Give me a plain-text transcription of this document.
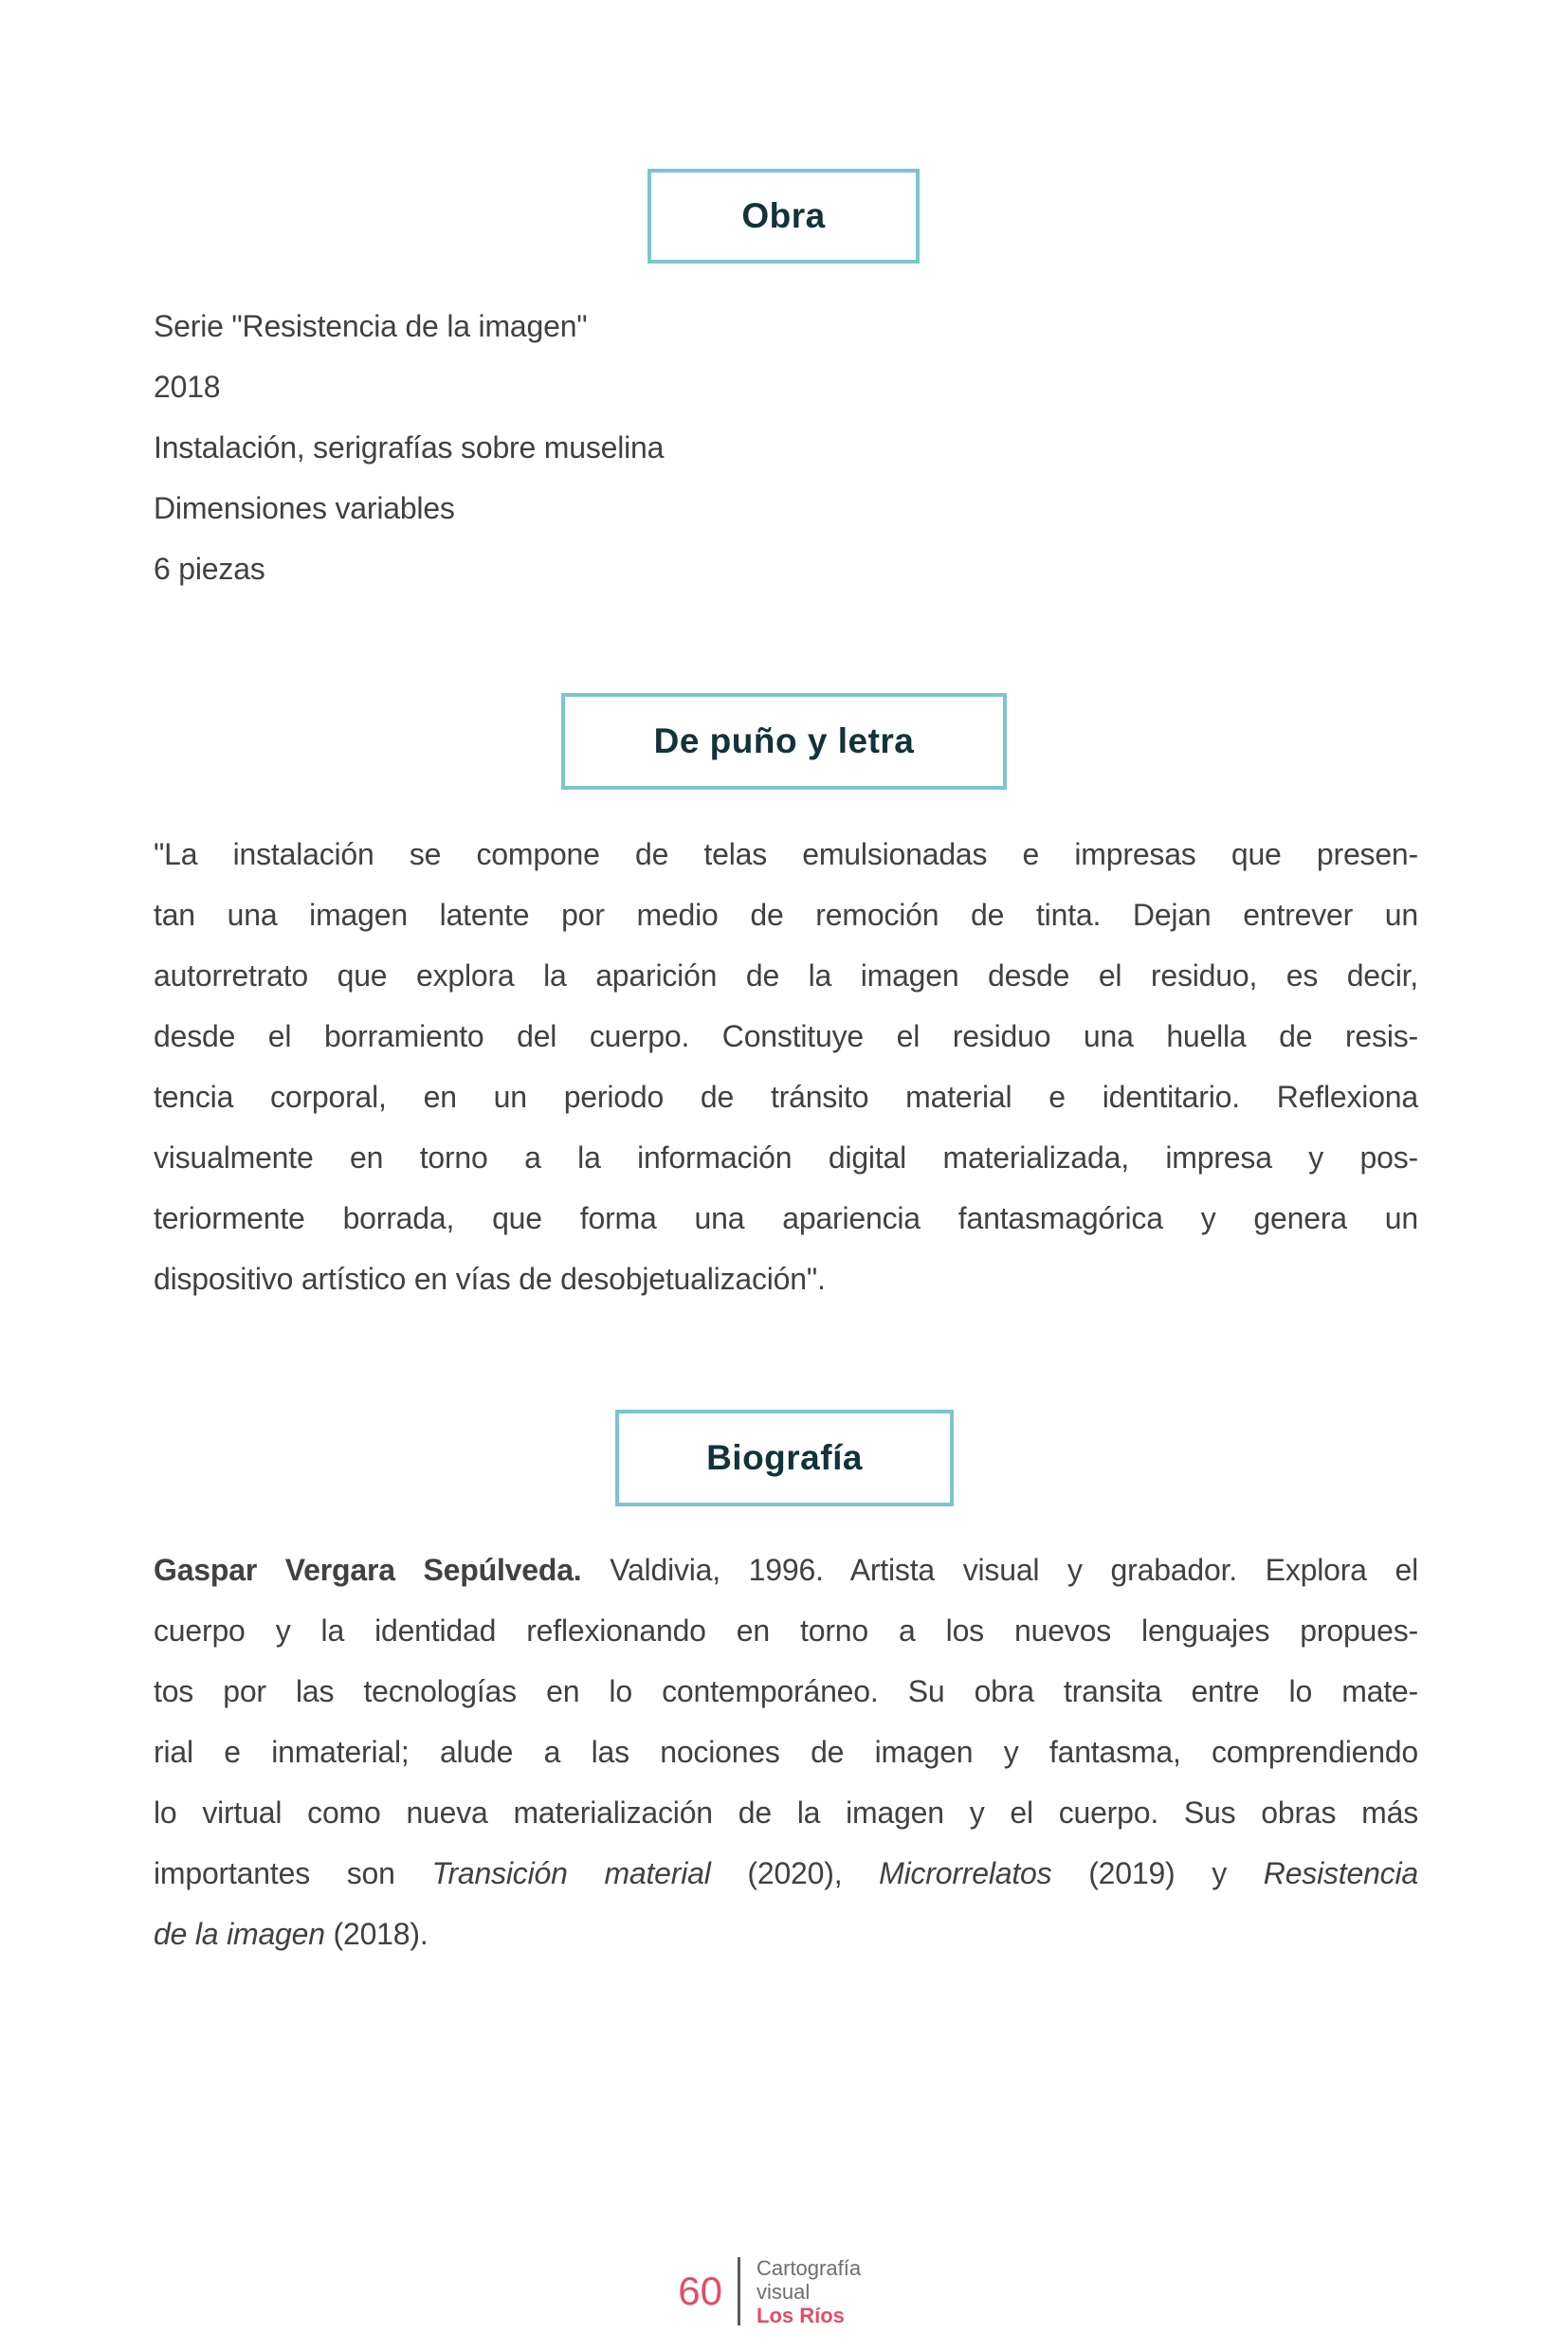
Obra
Serie "Resistencia de la imagen"
2018
Instalación, serigrafías sobre muselina
Dimensiones variables
6 piezas
De puño y letra
"La instalación se compone de telas emulsionadas e impresas que presen-
tan una imagen latente por medio de remoción de tinta. Dejan entrever un
autorretrato que explora la aparición de la imagen desde el residuo, es decir,
desde el borramiento del cuerpo. Constituye el residuo una huella de resis-
tencia corporal, en un periodo de tránsito material e identitario. Reflexiona
visualmente en torno a la información digital materializada, impresa y pos-
teriormente borrada, que forma una apariencia fantasmagórica y genera un
dispositivo artístico en vías de desobjetualización".
Biografía
Gaspar Vergara Sepúlveda. Valdivia, 1996. Artista visual y grabador. Explora el
cuerpo y la identidad reflexionando en torno a los nuevos lenguajes propues-
tos por las tecnologías en lo contemporáneo. Su obra transita entre lo mate-
rial e inmaterial; alude a las nociones de imagen y fantasma, comprendiendo
lo virtual como nueva materialización de la imagen y el cuerpo. Sus obras más
importantes son Transición material (2020), Microrrelatos (2019) y Resistencia
de la imagen (2018).
60
Cartografía
visual
Los Ríos
